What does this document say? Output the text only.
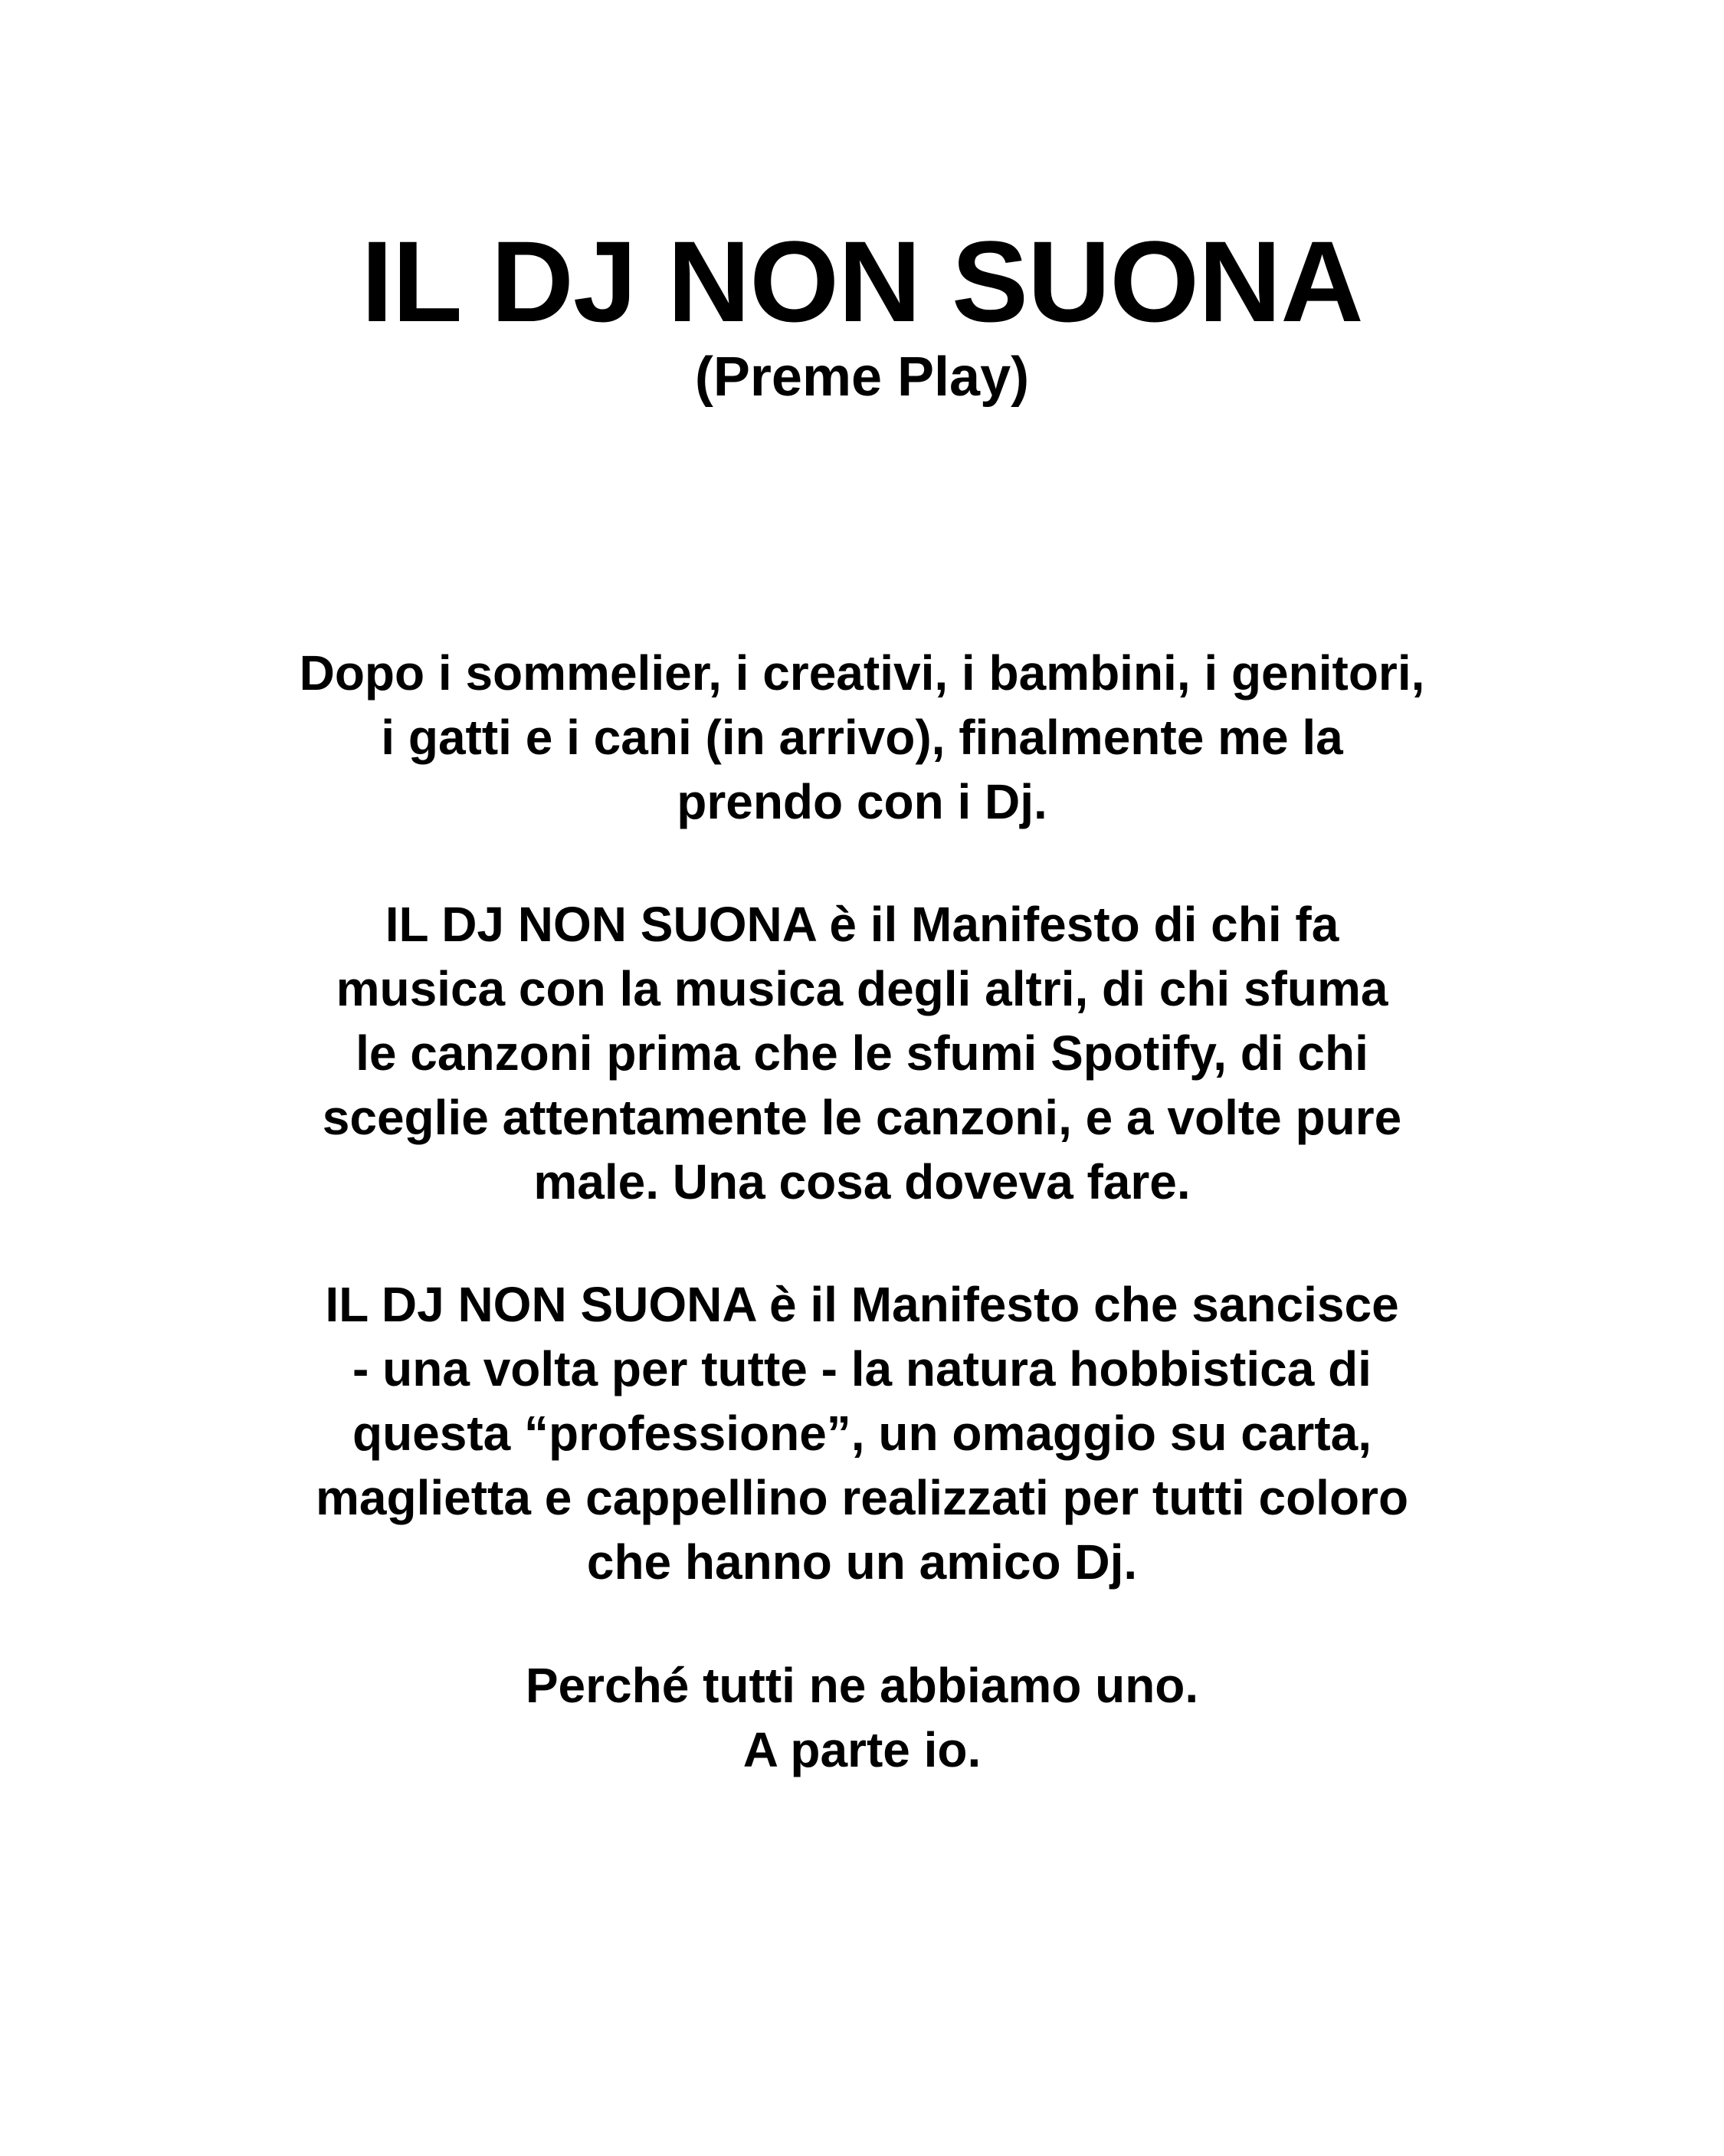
IL DJ NON SUONA
(Preme Play)

Dopo i sommelier, i creativi, i bambini, i genitori,
i gatti e i cani (in arrivo), finalmente me la
prendo con i Dj.

IL DJ NON SUONA è il Manifesto di chi fa
musica con la musica degli altri, di chi sfuma
le canzoni prima che le sfumi Spotify, di chi
sceglie attentamente le canzoni, e a volte pure
male. Una cosa doveva fare.

IL DJ NON SUONA è il Manifesto che sancisce
- una volta per tutte - la natura hobbistica di
questa “professione”, un omaggio su carta,
maglietta e cappellino realizzati per tutti coloro
che hanno un amico Dj.

Perché tutti ne abbiamo uno.
A parte io.
